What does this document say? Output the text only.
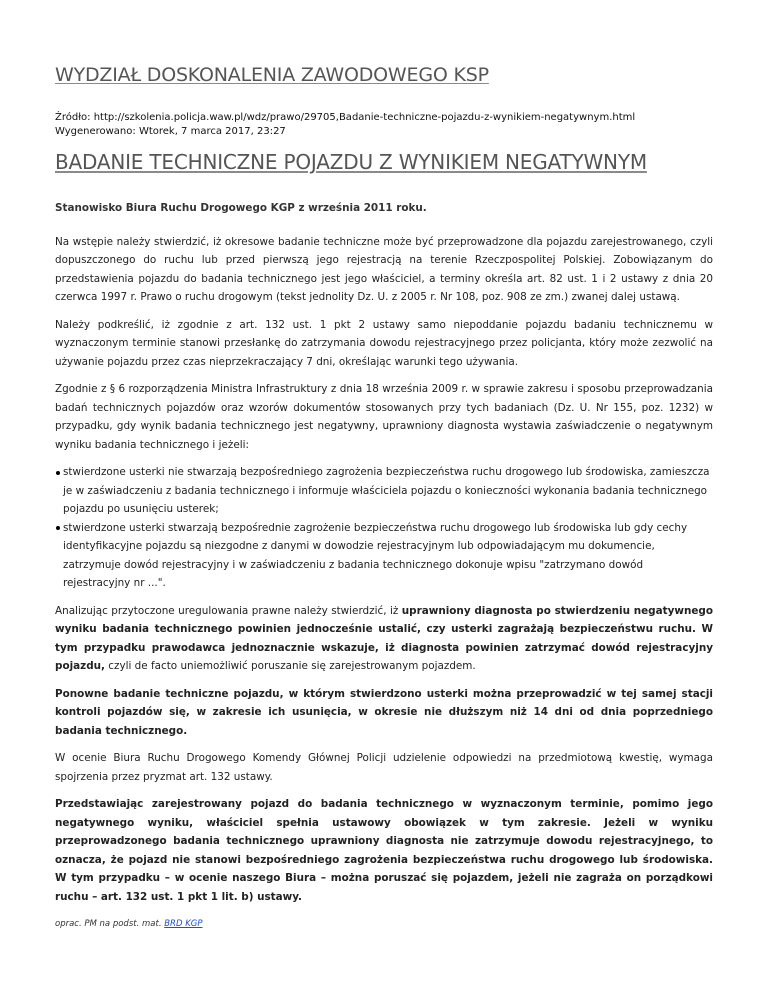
WYDZIAŁ DOSKONALENIA ZAWODOWEGO KSP
Źródło: http://szkolenia.policja.waw.pl/wdz/prawo/29705,Badanie-techniczne-pojazdu-z-wynikiem-negatywnym.html
Wygenerowano: Wtorek, 7 marca 2017, 23:27
BADANIE TECHNICZNE POJAZDU Z WYNIKIEM NEGATYWNYM

Stanowisko Biura Ruchu Drogowego KGP z września 2011 roku.

Na wstępie należy stwierdzić, iż okresowe badanie techniczne może być przeprowadzone dla pojazdu zarejestrowanego, czyli dopuszczonego do ruchu lub przed pierwszą jego rejestracją na terenie Rzeczpospolitej Polskiej. Zobowiązanym do przedstawienia pojazdu do badania technicznego jest jego właściciel, a terminy określa art. 82 ust. 1 i 2 ustawy z dnia 20 czerwca 1997 r. Prawo o ruchu drogowym (tekst jednolity Dz. U. z 2005 r. Nr 108, poz. 908 ze zm.) zwanej dalej ustawą.

Należy podkreślić, iż zgodnie z art. 132 ust. 1 pkt 2 ustawy samo niepoddanie pojazdu badaniu technicznemu w wyznaczonym terminie stanowi przesłankę do zatrzymania dowodu rejestracyjnego przez policjanta, który może zezwolić na używanie pojazdu przez czas nieprzekraczający 7 dni, określając warunki tego używania.

Zgodnie z § 6 rozporządzenia Ministra Infrastruktury z dnia 18 września 2009 r. w sprawie zakresu i sposobu przeprowadzania badań technicznych pojazdów oraz wzorów dokumentów stosowanych przy tych badaniach (Dz. U. Nr 155, poz. 1232) w przypadku, gdy wynik badania technicznego jest negatywny, uprawniony diagnosta wystawia zaświadczenie o negatywnym wyniku badania technicznego i jeżeli:

stwierdzone usterki nie stwarzają bezpośredniego zagrożenia bezpieczeństwa ruchu drogowego lub środowiska, zamieszcza je w zaświadczeniu z badania technicznego i informuje właściciela pojazdu o konieczności wykonania badania technicznego pojazdu po usunięciu usterek;
stwierdzone usterki stwarzają bezpośrednie zagrożenie bezpieczeństwa ruchu drogowego lub środowiska lub gdy cechy identyfikacyjne pojazdu są niezgodne z danymi w dowodzie rejestracyjnym lub odpowiadającym mu dokumencie, zatrzymuje dowód rejestracyjny i w zaświadczeniu z badania technicznego dokonuje wpisu "zatrzymano dowód rejestracyjny nr ...".

Analizując przytoczone uregulowania prawne należy stwierdzić, iż uprawniony diagnosta po stwierdzeniu negatywnego wyniku badania technicznego powinien jednocześnie ustalić, czy usterki zagrażają bezpieczeństwu ruchu. W tym przypadku prawodawca jednoznacznie wskazuje, iż diagnosta powinien zatrzymać dowód rejestracyjny pojazdu, czyli de facto uniemożliwić poruszanie się zarejestrowanym pojazdem.

Ponowne badanie techniczne pojazdu, w którym stwierdzono usterki można przeprowadzić w tej samej stacji kontroli pojazdów się, w zakresie ich usunięcia, w okresie nie dłuższym niż 14 dni od dnia poprzedniego badania technicznego.

W ocenie Biura Ruchu Drogowego Komendy Głównej Policji udzielenie odpowiedzi na przedmiotową kwestię, wymaga spojrzenia przez pryzmat art. 132 ustawy.

Przedstawiając zarejestrowany pojazd do badania technicznego w wyznaczonym terminie, pomimo jego negatywnego wyniku, właściciel spełnia ustawowy obowiązek w tym zakresie. Jeżeli w wyniku przeprowadzonego badania technicznego uprawniony diagnosta nie zatrzymuje dowodu rejestracyjnego, to oznacza, że pojazd nie stanowi bezpośredniego zagrożenia bezpieczeństwa ruchu drogowego lub środowiska. W tym przypadku – w ocenie naszego Biura – można poruszać się pojazdem, jeżeli nie zagraża on porządkowi ruchu – art. 132 ust. 1 pkt 1 lit. b) ustawy.

oprac. PM na podst. mat. BRD KGP
